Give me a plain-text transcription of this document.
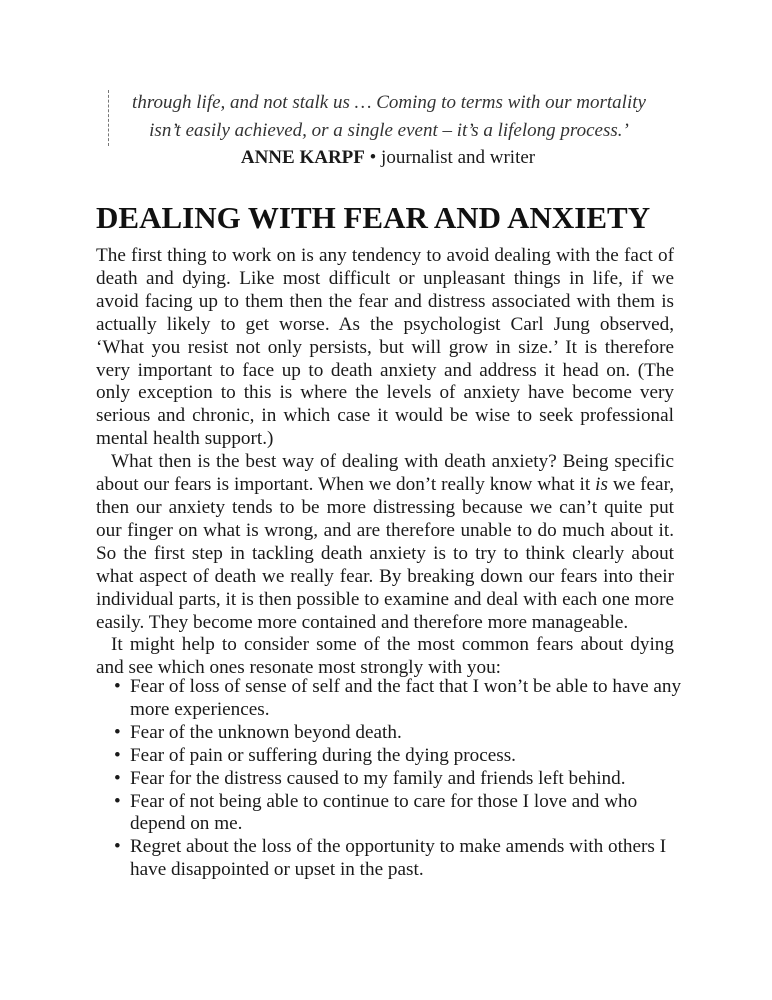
through life, and not stalk us … Coming to terms with our mortality
isn’t easily achieved, or a single event – it’s a lifelong process.’
ANNE KARPF • journalist and writer
DEALING WITH FEAR AND ANXIETY

The first thing to work on is any tendency to avoid dealing with the fact of death and dying. Like most difficult or unpleasant things in life, if we avoid facing up to them then the fear and distress associated with them is actually likely to get worse. As the psychologist Carl Jung observed, ‘What you resist not only persists, but will grow in size.’ It is therefore very important to face up to death anxiety and address it head on. (The only exception to this is where the levels of anxiety have become very serious and chronic, in which case it would be wise to seek professional mental health support.)

What then is the best way of dealing with death anxiety? Being specific about our fears is important. When we don’t really know what it is we fear, then our anxiety tends to be more distressing because we can’t quite put our finger on what is wrong, and are therefore unable to do much about it. So the first step in tackling death anxiety is to try to think clearly about what aspect of death we really fear. By breaking down our fears into their individual parts, it is then possible to examine and deal with each one more easily. They become more contained and therefore more manageable.

It might help to consider some of the most common fears about dying and see which ones resonate most strongly with you:

• Fear of loss of sense of self and the fact that I won’t be able to have any more experiences.
• Fear of the unknown beyond death.
• Fear of pain or suffering during the dying process.
• Fear for the distress caused to my family and friends left behind.
• Fear of not being able to continue to care for those I love and who depend on me.
• Regret about the loss of the opportunity to make amends with others I have disappointed or upset in the past.
